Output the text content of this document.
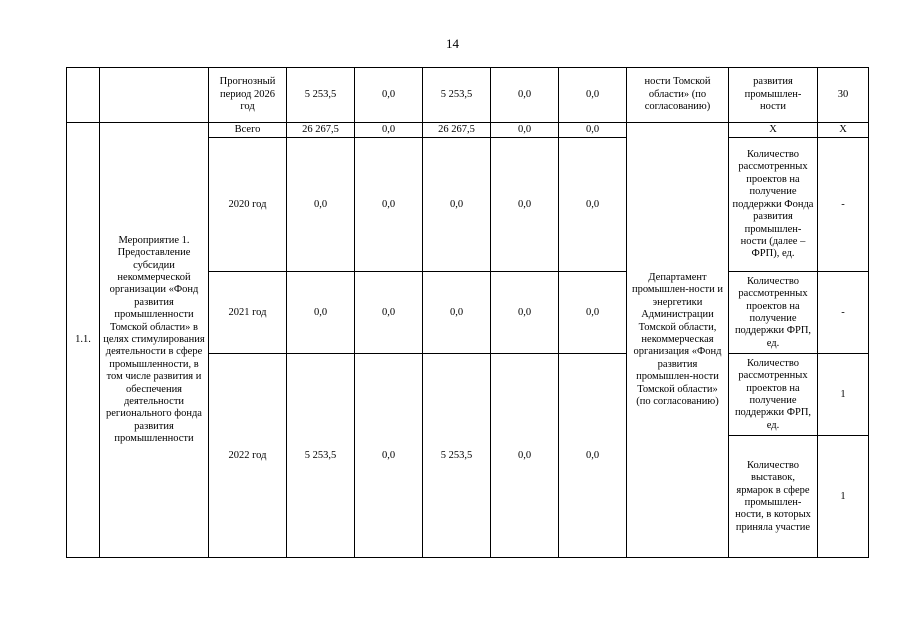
14
		Прогнозный период 2026 год	5 253,5	0,0	5 253,5	0,0	0,0	ности Томской области» (по согласованию)	развития промышлен-ности	30
1.1.	Мероприятие 1. Предоставление субсидии некоммерческой организации «Фонд развития промышленности Томской области» в целях стимулирования деятельности в сфере промышленности, в том числе развития и обеспечения деятельности регионального фонда развития промышленности	Всего	26 267,5	0,0	26 267,5	0,0	0,0	Департамент промышлен-ности и энергетики Администрации Томской области, некоммерческая организация «Фонд развития промышлен-ности Томской области» (по согласованию)	Х	Х
		2020 год	0,0	0,0	0,0	0,0	0,0		Количество рассмотренных проектов на получение поддержки Фонда развития промышлен-ности (далее – ФРП), ед.	-
		2021 год	0,0	0,0	0,0	0,0	0,0		Количество рассмотренных проектов на получение поддержки ФРП, ед.	-
		2022 год	5 253,5	0,0	5 253,5	0,0	0,0		Количество рассмотренных проектов на получение поддержки ФРП, ед.	1
									Количество выставок, ярмарок в сфере промышлен-ности, в которых приняла участие	1
